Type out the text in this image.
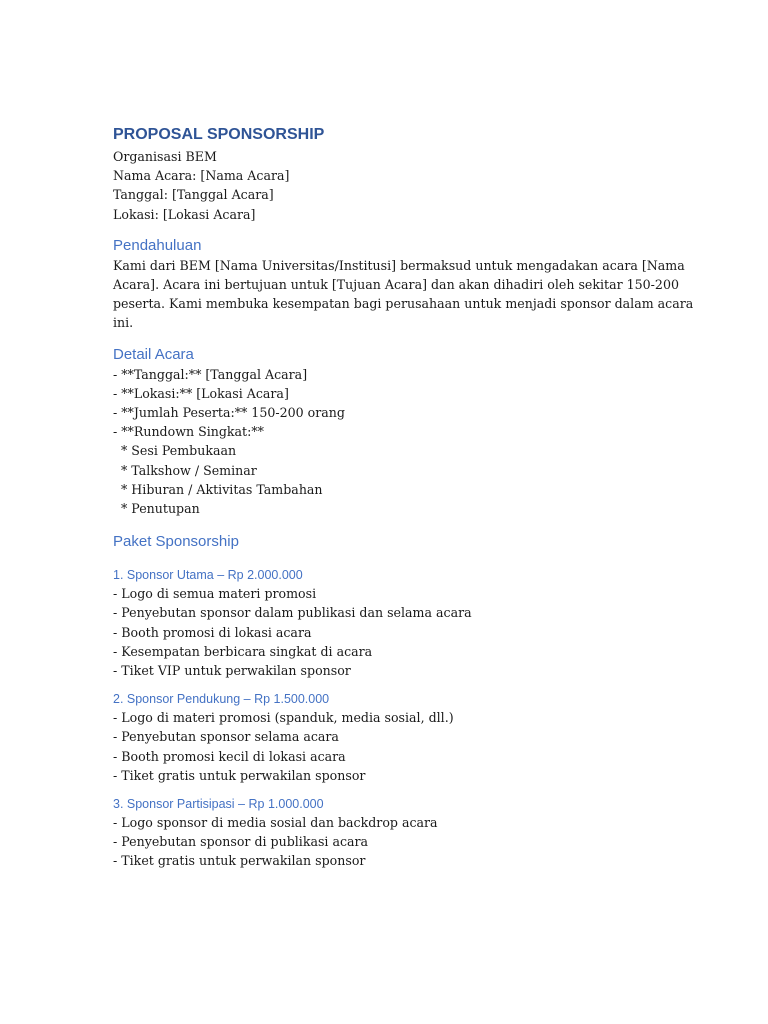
PROPOSAL SPONSORSHIP

Organisasi BEM

Nama Acara: [Nama Acara]

Tanggal: [Tanggal Acara]

Lokasi: [Lokasi Acara]

Pendahuluan

Kami dari BEM [Nama Universitas/Institusi] bermaksud untuk mengadakan acara [Nama

Acara]. Acara ini bertujuan untuk [Tujuan Acara] dan akan dihadiri oleh sekitar 150-200

peserta. Kami membuka kesempatan bagi perusahaan untuk menjadi sponsor dalam acara

ini.

Detail Acara

- **Tanggal:** [Tanggal Acara]

- **Lokasi:** [Lokasi Acara]

- **Jumlah Peserta:** 150-200 orang

- **Rundown Singkat:**

* Sesi Pembukaan

* Talkshow / Seminar

* Hiburan / Aktivitas Tambahan

* Penutupan

Paket Sponsorship
1. Sponsor Utama – Rp 2.000.000

- Logo di semua materi promosi

- Penyebutan sponsor dalam publikasi dan selama acara

- Booth promosi di lokasi acara

- Kesempatan berbicara singkat di acara

- Tiket VIP untuk perwakilan sponsor

2. Sponsor Pendukung – Rp 1.500.000

- Logo di materi promosi (spanduk, media sosial, dll.)

- Penyebutan sponsor selama acara

- Booth promosi kecil di lokasi acara

- Tiket gratis untuk perwakilan sponsor

3. Sponsor Partisipasi – Rp 1.000.000

- Logo sponsor di media sosial dan backdrop acara

- Penyebutan sponsor di publikasi acara

- Tiket gratis untuk perwakilan sponsor
